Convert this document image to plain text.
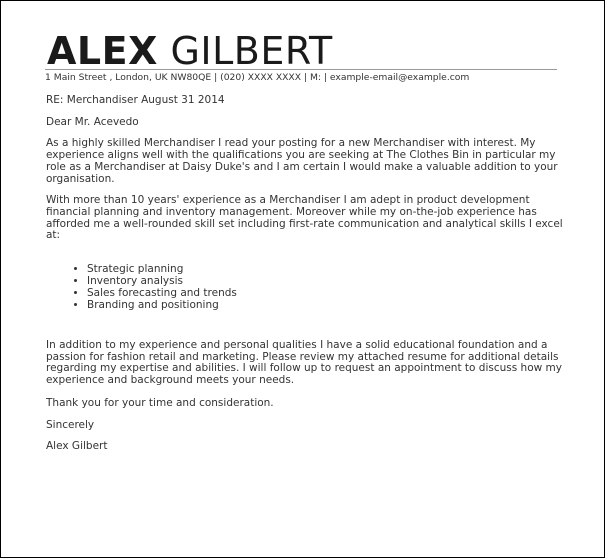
ALEX GILBERT
1 Main Street , London, UK NW80QE | (020) XXXX XXXX | M: | example-email@example.com

RE: Merchandiser August 31 2014

Dear Mr. Acevedo

As a highly skilled Merchandiser I read your posting for a new Merchandiser with interest. My experience aligns well with the qualifications you are seeking at The Clothes Bin in particular my role as a Merchandiser at Daisy Duke's and I am certain I would make a valuable addition to your organisation.

With more than 10 years' experience as a Merchandiser I am adept in product development financial planning and inventory management. Moreover while my on-the-job experience has afforded me a well-rounded skill set including first-rate communication and analytical skills I excel at:

• Strategic planning
• Inventory analysis
• Sales forecasting and trends
• Branding and positioning

In addition to my experience and personal qualities I have a solid educational foundation and a passion for fashion retail and marketing. Please review my attached resume for additional details regarding my expertise and abilities. I will follow up to request an appointment to discuss how my experience and background meets your needs.

Thank you for your time and consideration.

Sincerely

Alex Gilbert
